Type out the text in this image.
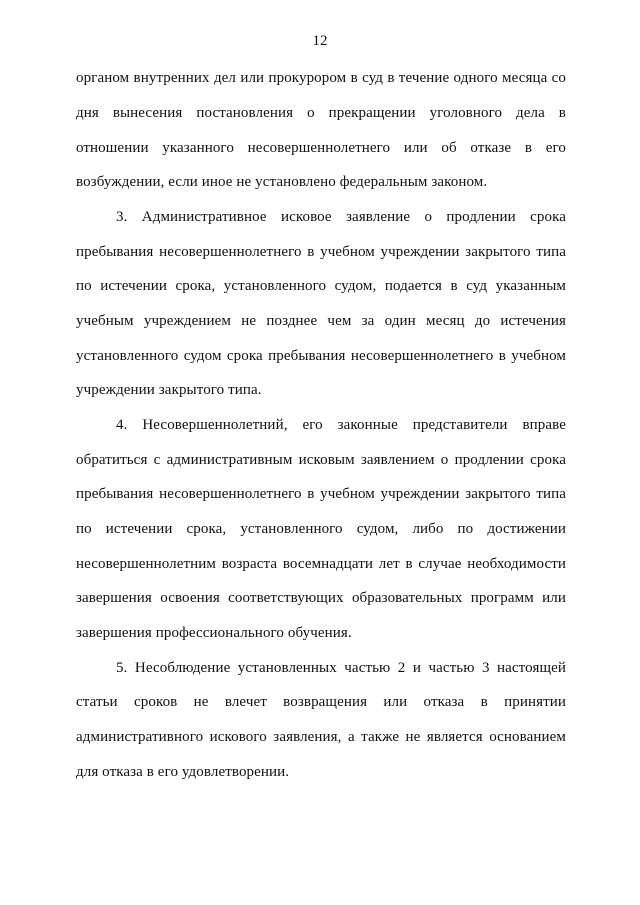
12
органом внутренних дел или прокурором в суд в течение одного месяца со
дня вынесения постановления о прекращении уголовного дела в
отношении указанного несовершеннолетнего или об отказе в его
возбуждении, если иное не установлено федеральным законом.
3. Административное исковое заявление о продлении срока
пребывания несовершеннолетнего в учебном учреждении закрытого типа
по истечении срока, установленного судом, подается в суд указанным
учебным учреждением не позднее чем за один месяц до истечения
установленного судом срока пребывания несовершеннолетнего в учебном
учреждении закрытого типа.
4. Несовершеннолетний, его законные представители вправе
обратиться с административным исковым заявлением о продлении срока
пребывания несовершеннолетнего в учебном учреждении закрытого типа
по истечении срока, установленного судом, либо по достижении
несовершеннолетним возраста восемнадцати лет в случае необходимости
завершения освоения соответствующих образовательных программ или
завершения профессионального обучения.
5. Несоблюдение установленных частью 2 и частью 3 настоящей
статьи сроков не влечет возвращения или отказа в принятии
административного искового заявления, а также не является основанием
для отказа в его удовлетворении.
